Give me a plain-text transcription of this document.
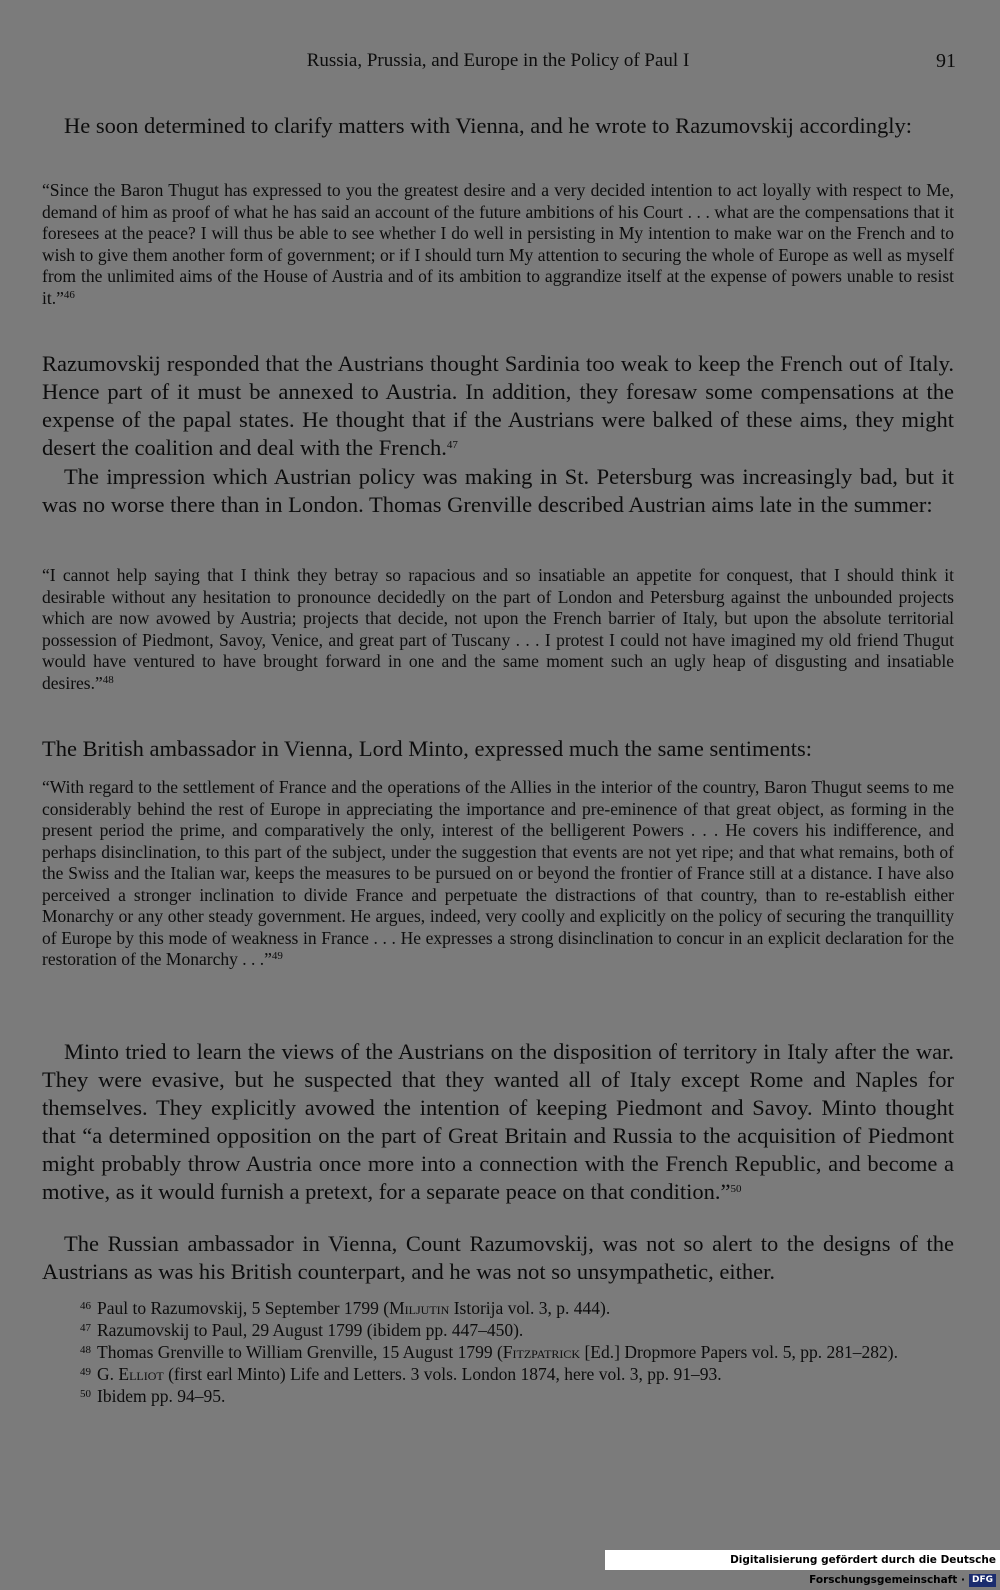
Russia, Prussia, and Europe in the Policy of Paul I	91

He soon determined to clarify matters with Vienna, and he wrote to Razumovskij accordingly:

“Since the Baron Thugut has expressed to you the greatest desire and a very decided intention to act loyally with respect to Me, demand of him as proof of what he has said an account of the future ambitions of his Court . . . what are the compensations that it foresees at the peace? I will thus be able to see whether I do well in persisting in My intention to make war on the French and to wish to give them another form of government; or if I should turn My attention to securing the whole of Europe as well as myself from the unlimited aims of the House of Austria and of its ambition to aggrandize itself at the expense of powers unable to resist it.”$^{46}$

Razumovskij responded that the Austrians thought Sardinia too weak to keep the French out of Italy. Hence part of it must be annexed to Austria. In addition, they foresaw some compensations at the expense of the papal states. He thought that if the Austrians were balked of these aims, they might desert the coalition and deal with the French.$^{47}$

The impression which Austrian policy was making in St. Petersburg was increasingly bad, but it was no worse there than in London. Thomas Grenville described Austrian aims late in the summer:

“I cannot help saying that I think they betray so rapacious and so insatiable an appetite for conquest, that I should think it desirable without any hesitation to pronounce decidedly on the part of London and Petersburg against the unbounded projects which are now avowed by Austria; projects that decide, not upon the French barrier of Italy, but upon the absolute territorial possession of Piedmont, Savoy, Venice, and great part of Tuscany . . . I protest I could not have imagined my old friend Thugut would have ventured to have brought forward in one and the same moment such an ugly heap of disgusting and insatiable desires.”$^{48}$

The British ambassador in Vienna, Lord Minto, expressed much the same sentiments:

“With regard to the settlement of France and the operations of the Allies in the interior of the country, Baron Thugut seems to me considerably behind the rest of Europe in appreciating the importance and pre-eminence of that great object, as forming in the present period the prime, and comparatively the only, interest of the belligerent Powers . . . He covers his indifference, and perhaps disinclination, to this part of the subject, under the suggestion that events are not yet ripe; and that what remains, both of the Swiss and the Italian war, keeps the measures to be pursued on or beyond the frontier of France still at a distance. I have also perceived a stronger inclination to divide France and perpetuate the distractions of that country, than to re-establish either Monarchy or any other steady government. He argues, indeed, very coolly and explicitly on the policy of securing the tranquillity of Europe by this mode of weakness in France . . . He expresses a strong disinclination to concur in an explicit declaration for the restoration of the Monarchy . . .”$^{49}$

Minto tried to learn the views of the Austrians on the disposition of territory in Italy after the war. They were evasive, but he suspected that they wanted all of Italy except Rome and Naples for themselves. They explicitly avowed the intention of keeping Piedmont and Savoy. Minto thought that “a determined opposition on the part of Great Britain and Russia to the acquisition of Piedmont might probably throw Austria once more into a connection with the French Republic, and become a motive, as it would furnish a pretext, for a separate peace on that condition.”$^{50}$

The Russian ambassador in Vienna, Count Razumovskij, was not so alert to the designs of the Austrians as was his British counterpart, and he was not so unsympathetic, either.

$^{46}$ Paul to Razumovskij, 5 September 1799 (Miljutin Istorija vol. 3, p. 444).

$^{47}$ Razumovskij to Paul, 29 August 1799 (ibidem pp. 447–450).

$^{48}$ Thomas Grenville to William Grenville, 15 August 1799 (Fitzpatrick [Ed.] Dropmore Papers vol. 5, pp. 281–282).

$^{49}$ G. Elliot (first earl Minto) Life and Letters. 3 vols. London 1874, here vol. 3, pp. 91–93.

$^{50}$ Ibidem pp. 94–95.

Digitalisierung gefördert durch die Deutsche Forschungsgemeinschaft · DFG
